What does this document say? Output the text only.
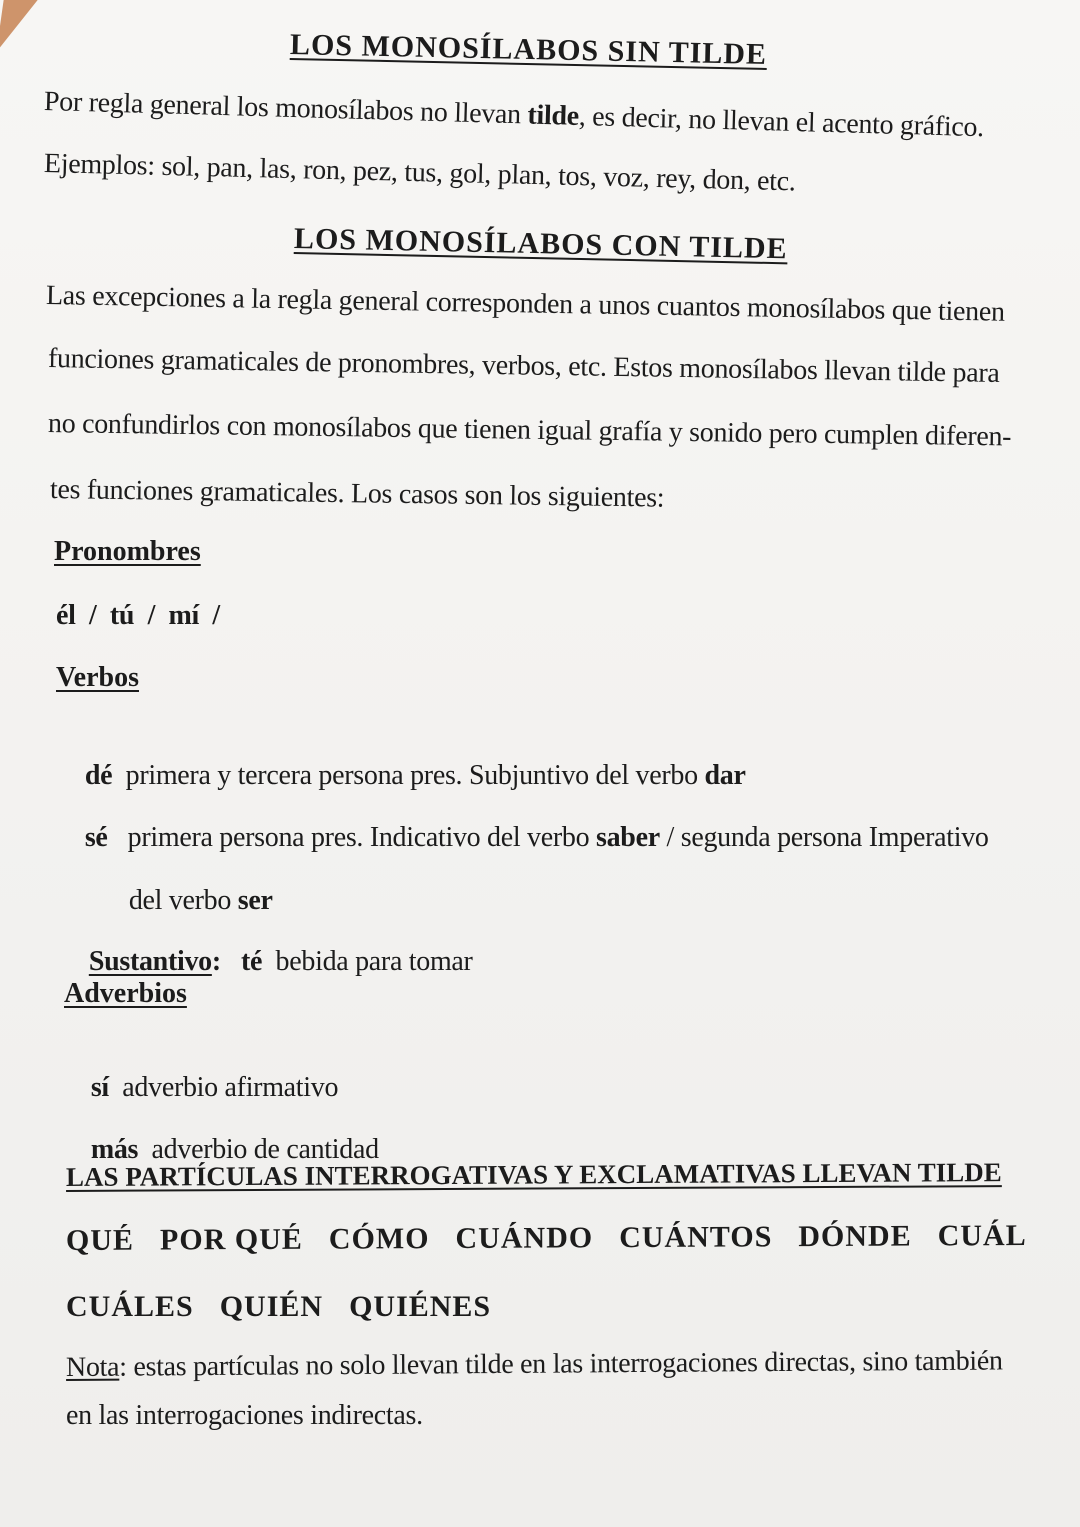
LOS MONOSÍLABOS SIN TILDE
Por regla general los monosílabos no llevan tilde, es decir, no llevan el acento gráfico.
Ejemplos: sol, pan, las, ron, pez, tus, gol, plan, tos, voz, rey, don, etc.
LOS MONOSÍLABOS CON TILDE
Las excepciones a la regla general corresponden a unos cuantos monosílabos que tienen
funciones gramaticales de pronombres, verbos, etc. Estos monosílabos llevan tilde para
no confundirlos con monosílabos que tienen igual grafía y sonido pero cumplen diferen-
tes funciones gramaticales. Los casos son los siguientes:
Pronombres
él  /  tú  /  mí  /
Verbos

dé  primera y tercera persona pres. Subjuntivo del verbo dar

sé   primera persona pres. Indicativo del verbo saber / segunda persona Imperativo

del verbo ser

Sustantivo: té  bebida para tomar

Adverbios

sí  adverbio afirmativo

más  adverbio de cantidad

LAS PARTÍCULAS INTERROGATIVAS Y EXCLAMATIVAS LLEVAN TILDE
QUÉ POR QUÉ CÓMO CUÁNDO CUÁNTOS DÓNDE CUÁL
CUÁLES QUIÉN QUIÉNES
Nota: estas partículas no solo llevan tilde en las interrogaciones directas, sino también
en las interrogaciones indirectas.
